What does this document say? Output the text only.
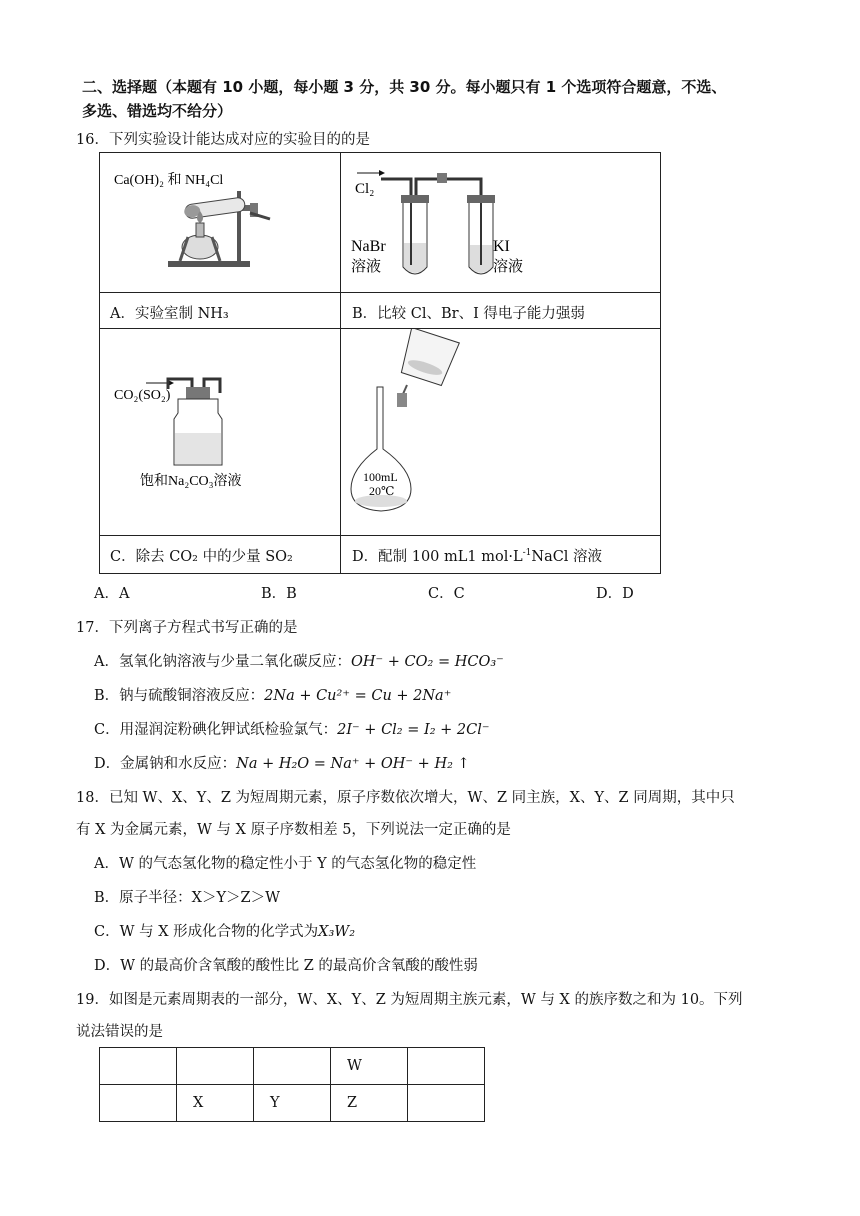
二、选择题（本题有 10 小题，每小题 3 分，共 30 分。每小题只有 1 个选项符合题意，不选、
多选、错选均不给分）
16．下列实验设计能达成对应的实验目的的是
Ca(OH)₂ 和 NH₄Cl
Cl₂
NaBr
溶液
KI
溶液
A．实验室制 NH₃	B．比较 Cl、Br、I 得电子能力强弱
CO₂(SO₂)
饱和Na₂CO₃溶液	100mL
20℃
C．除去 CO₂ 中的少量 SO₂	D．配制 100 mL1 $mol\cdot L^{-1}NaCl$ 溶液
A．A	B．B	C．C	D．D
17．下列离子方程式书写正确的是
A．氢氧化钠溶液与少量二氧化碳反应：OH⁻ + CO₂ = HCO₃⁻
B．钠与硫酸铜溶液反应：2Na + Cu²⁺ = Cu + 2Na⁺
C．用湿润淀粉碘化钾试纸检验氯气：2I⁻ + Cl₂ = I₂ + 2Cl⁻
D．金属钠和水反应：Na + H₂O = Na⁺ + OH⁻ + H₂ ↑
18．已知 W、X、Y、Z 为短周期元素，原子序数依次增大，W、Z 同主族，X、Y、Z 同周期，其中只
有 X 为金属元素，W 与 X 原子序数相差 5，下列说法一定正确的是
A．W 的气态氢化物的稳定性小于 Y 的气态氢化物的稳定性
B．原子半径：X＞Y＞Z＞W
C．W 与 X 形成化合物的化学式为X₃W₂
D．W 的最高价含氧酸的酸性比 Z 的最高价含氧酸的酸性弱
19．如图是元素周期表的一部分，W、X、Y、Z 为短周期主族元素，W 与 X 的族序数之和为 10。下列
说法错误的是
			W	
	X	Y	Z	
